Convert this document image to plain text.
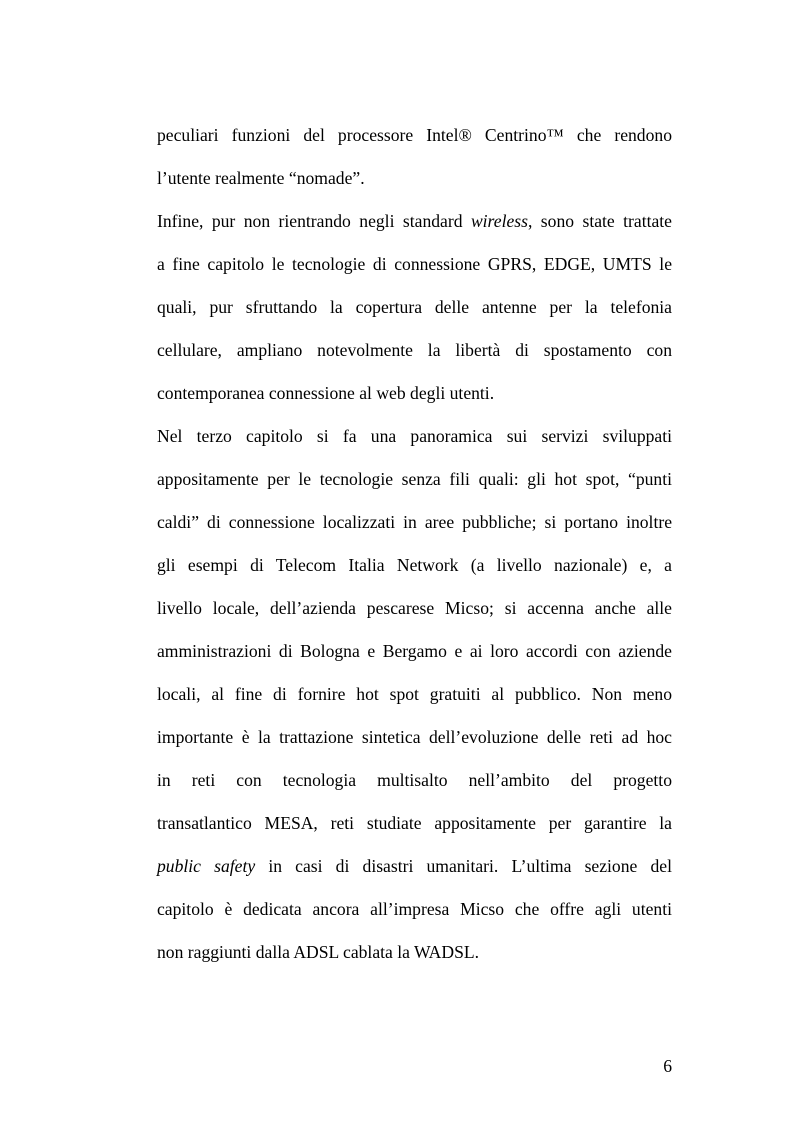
peculiari funzioni del processore Intel® Centrino™ che rendono
l’utente realmente “nomade”.

Infine, pur non rientrando negli standard wireless, sono state trattate
a fine capitolo le tecnologie di connessione GPRS, EDGE, UMTS le
quali, pur sfruttando la copertura delle antenne per la telefonia
cellulare, ampliano notevolmente la libertà di spostamento con
contemporanea connessione al web degli utenti.

Nel terzo capitolo si fa una panoramica sui servizi sviluppati
appositamente per le tecnologie senza fili quali: gli hot spot, “punti
caldi” di connessione localizzati in aree pubbliche; si portano inoltre
gli esempi di Telecom Italia Network (a livello nazionale) e, a
livello locale, dell’azienda pescarese Micso; si accenna anche alle
amministrazioni di Bologna e Bergamo e ai loro accordi con aziende
locali, al fine di fornire hot spot gratuiti al pubblico. Non meno
importante è la trattazione sintetica dell’evoluzione delle reti ad hoc
in reti con tecnologia multisalto nell’ambito del progetto
transatlantico MESA, reti studiate appositamente per garantire la
public safety in casi di disastri umanitari. L’ultima sezione del
capitolo è dedicata ancora all’impresa Micso che offre agli utenti
non raggiunti dalla ADSL cablata la WADSL.

6
